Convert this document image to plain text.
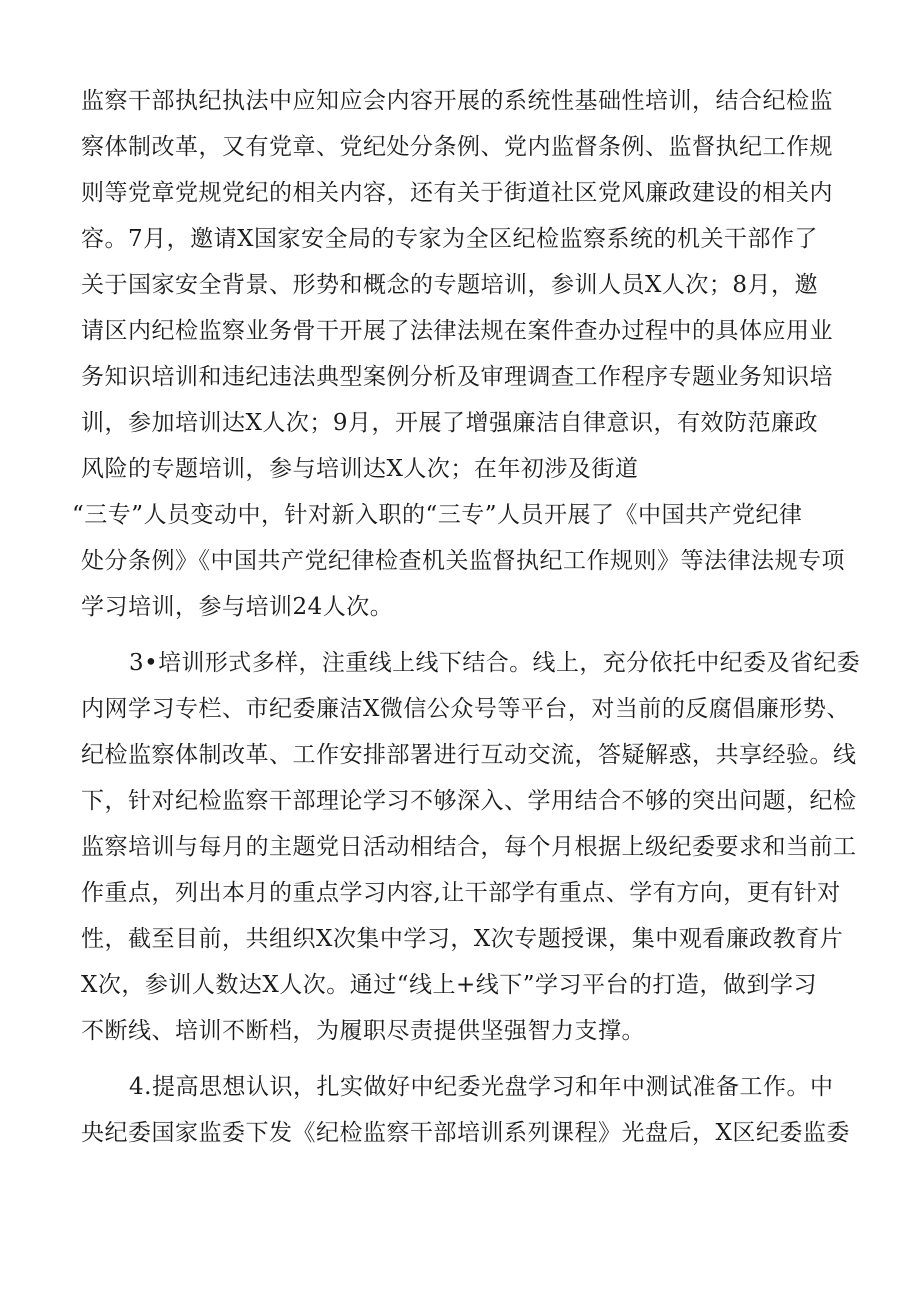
监察干部执纪执法中应知应会内容开展的系统性基础性培训，结合纪检监
察体制改革，又有党章、党纪处分条例、党内监督条例、监督执纪工作规
则等党章党规党纪的相关内容，还有关于街道社区党风廉政建设的相关内
容。7月，邀请X国家安全局的专家为全区纪检监察系统的机关干部作了
关于国家安全背景、形势和概念的专题培训，参训人员X人次；8月，邀
请区内纪检监察业务骨干开展了法律法规在案件查办过程中的具体应用业
务知识培训和违纪违法典型案例分析及审理调查工作程序专题业务知识培
训，参加培训达X人次；9月，开展了增强廉洁自律意识，有效防范廉政
风险的专题培训，参与培训达X人次；在年初涉及街道
“三专”人员变动中，针对新入职的“三专”人员开展了《中国共产党纪律
处分条例》《中国共产党纪律检查机关监督执纪工作规则》等法律法规专项
学习培训，参与培训24人次。
3•培训形式多样，注重线上线下结合。线上，充分依托中纪委及省纪委
内网学习专栏、市纪委廉洁X微信公众号等平台，对当前的反腐倡廉形势、
纪检监察体制改革、工作安排部署进行互动交流，答疑解惑，共享经验。线
下，针对纪检监察干部理论学习不够深入、学用结合不够的突出问题，纪检
监察培训与每月的主题党日活动相结合，每个月根据上级纪委要求和当前工
作重点，列出本月的重点学习内容,让干部学有重点、学有方向，更有针对
性，截至目前，共组织X次集中学习，X次专题授课，集中观看廉政教育片
X次，参训人数达X人次。通过“线上+线下”学习平台的打造，做到学习
不断线、培训不断档，为履职尽责提供坚强智力支撑。
4.提高思想认识，扎实做好中纪委光盘学习和年中测试准备工作。中
央纪委国家监委下发《纪检监察干部培训系列课程》光盘后，X区纪委监委
